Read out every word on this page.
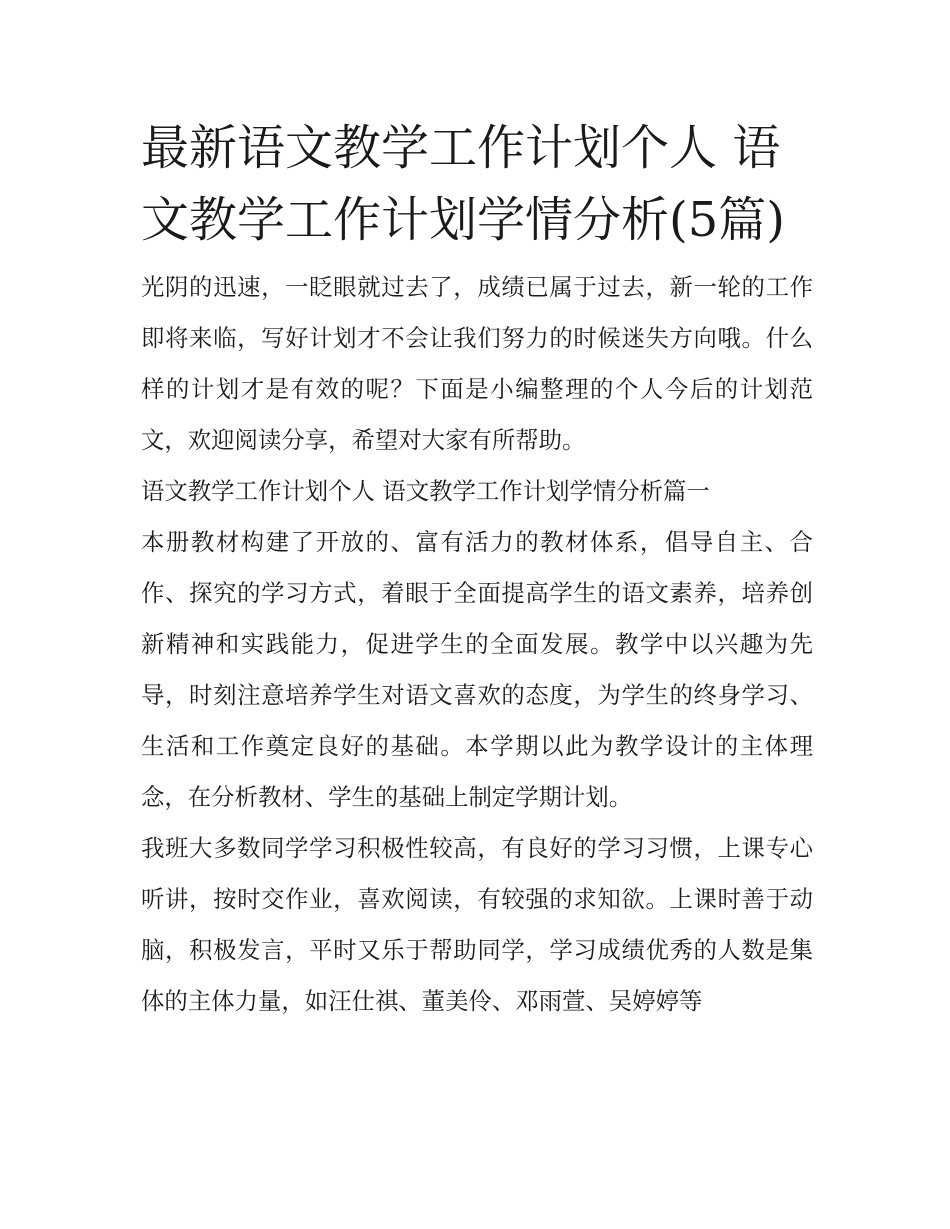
最新语文教学工作计划个人 语文教学工作计划学情分析(5篇)

光阴的迅速，一眨眼就过去了，成绩已属于过去，新一轮的工作即将来临，写好计划才不会让我们努力的时候迷失方向哦。什么样的计划才是有效的呢？下面是小编整理的个人今后的计划范文，欢迎阅读分享，希望对大家有所帮助。

语文教学工作计划个人 语文教学工作计划学情分析篇一

本册教材构建了开放的、富有活力的教材体系，倡导自主、合作、探究的学习方式，着眼于全面提高学生的语文素养，培养创新精神和实践能力，促进学生的全面发展。教学中以兴趣为先导，时刻注意培养学生对语文喜欢的态度，为学生的终身学习、生活和工作奠定良好的基础。本学期以此为教学设计的主体理念，在分析教材、学生的基础上制定学期计划。

我班大多数同学学习积极性较高，有良好的学习习惯，上课专心听讲，按时交作业，喜欢阅读，有较强的求知欲。上课时善于动脑，积极发言，平时又乐于帮助同学，学习成绩优秀的人数是集体的主体力量，如汪仕祺、董美伶、邓雨萱、吴婷婷等
